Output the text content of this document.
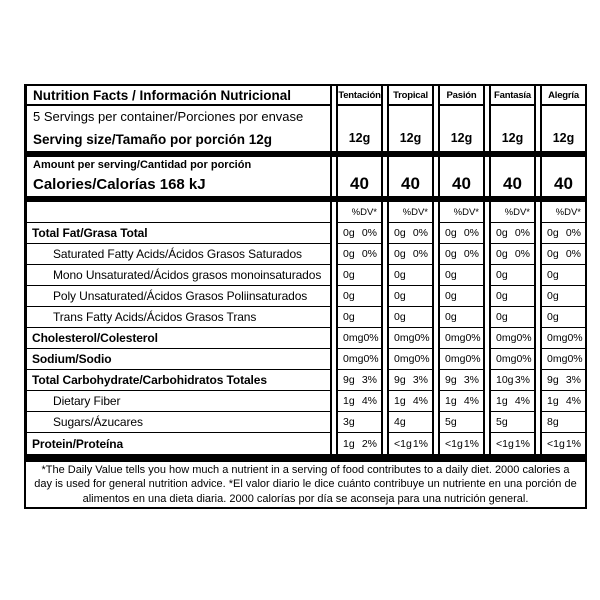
Nutrition Facts / Información Nutricional	Tentación	Tropical	Pasión	Fantasía	Alegría
5 Servings per container/Porciones por envase
Serving size/Tamaño por porción 12g	12g	12g	12g	12g	12g
Amount per serving/Cantidad por porción
Calories/Calorías 168 kJ	40	40	40	40	40
%DV*	%DV*	%DV*	%DV*	%DV*
Total Fat/Grasa Total	0g 0% 0g 0% 0g 0% 0g 0% 0g 0%
Saturated Fatty Acids/Ácidos Grasos Saturados	0g 0% 0g 0% 0g 0% 0g 0% 0g 0%
Mono Unsaturated/Ácidos grasos monoinsaturados	0g	0g	0g	0g	0g
Poly Unsaturated/Ácidos Grasos Poliinsaturados	0g	0g	0g	0g	0g
Trans Fatty Acids/Ácidos Grasos Trans	0g	0g	0g	0g	0g
Cholesterol/Colesterol	0mg 0% 0mg 0% 0mg 0% 0mg 0% 0mg 0%
Sodium/Sodio	0mg 0% 0mg 0% 0mg 0% 0mg 0% 0mg 0%
Total Carbohydrate/Carbohidratos Totales	9g 3% 9g 3% 9g 3% 10g 3% 9g 3%
Dietary Fiber	1g 4% 1g 4% 1g 4% 1g 4% 1g 4%
Sugars/Ázucares	3g	4g	5g	5g	8g
Protein/Proteína	1g 2% <1g 1% <1g 1% <1g 1% <1g 1%
*The Daily Value tells you how much a nutrient in a serving of food contributes to a daily diet. 2000 calories a day is used for general nutrition advice. *El valor diario le dice cuánto contribuye un nutriente en una porción de alimentos en una dieta diaria. 2000 calorías por día se aconseja para una nutrición general.
